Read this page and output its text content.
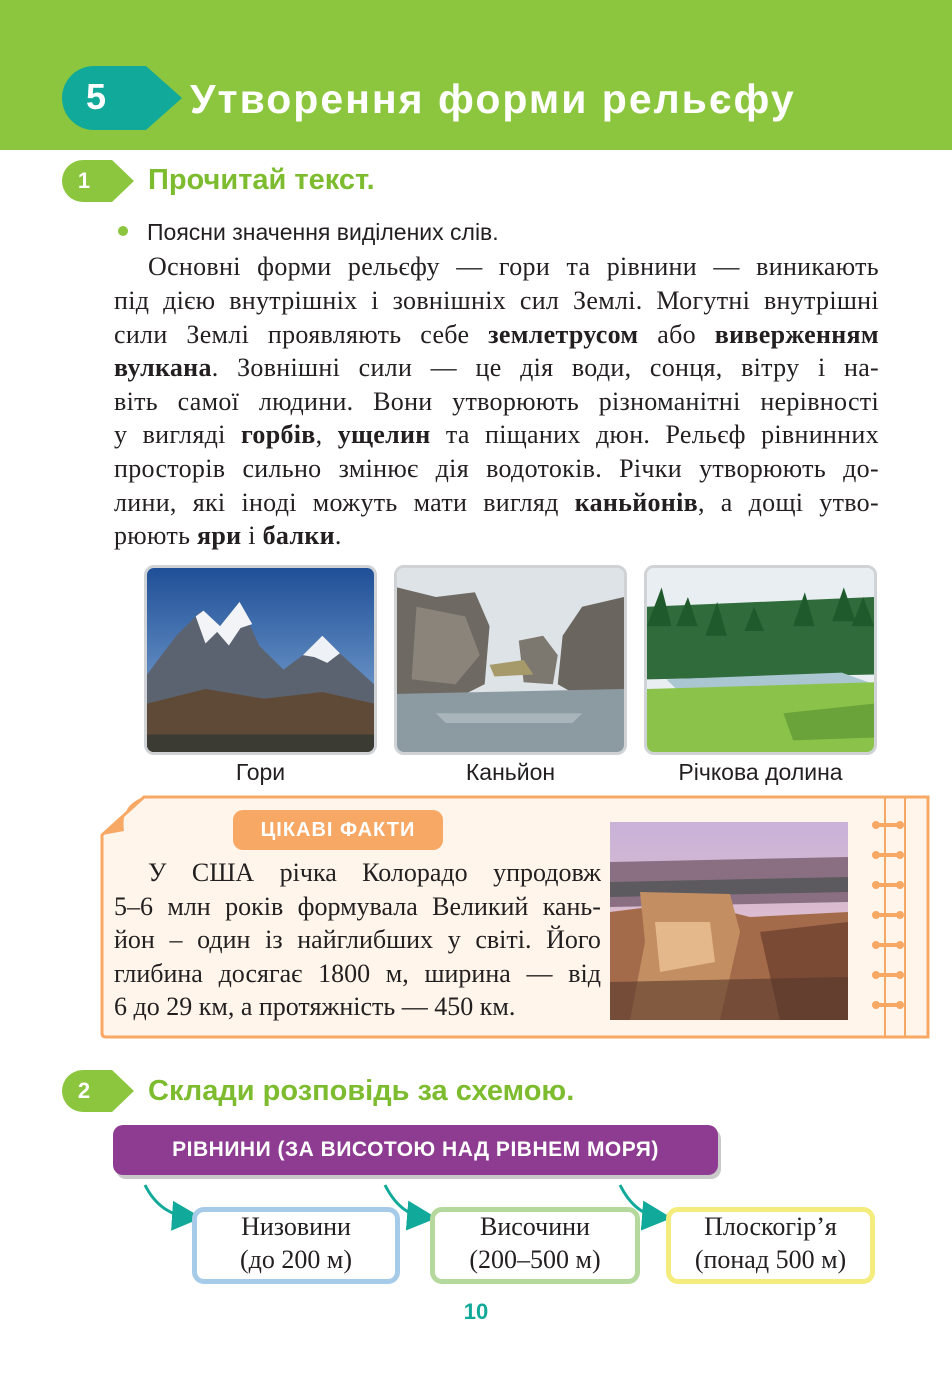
5	Утворення форми рельєфу
1	Прочитай текст.
Поясни значення виділених слів.
Основні форми рельєфу — гори та рівнини — виникають
під дією внутрішніх і зовнішніх сил Землі. Могутні внутрішні
сили Землі проявляють себе землетрусом або виверженням
вулкана. Зовнішні сили — це дія води, сонця, вітру і на-
віть самої людини. Вони утворюють різноманітні нерівності
у вигляді горбів, ущелин та піщаних дюн. Рельєф рівнинних
просторів сильно змінює дія водотоків. Річки утворюють до-
лини, які іноді можуть мати вигляд каньйонів, а дощі утво-
рюють яри і балки.
Гори	Каньйон	Річкова долина
ЦІКАВІ ФАКТИ
У США річка Колорадо упродовж
5–6 млн років формувала Великий кань-
йон – один із найглибших у світі. Його
глибина досягає 1800 м, ширина — від
6 до 29 км, а протяжність — 450 км.
2	Склади розповідь за схемою.
РІВНИНИ (ЗА ВИСОТОЮ НАД РІВНЕМ МОРЯ)
Низовини
(до 200 м)
Височини
(200–500 м)
Плоскогір’я
(понад 500 м)
10
